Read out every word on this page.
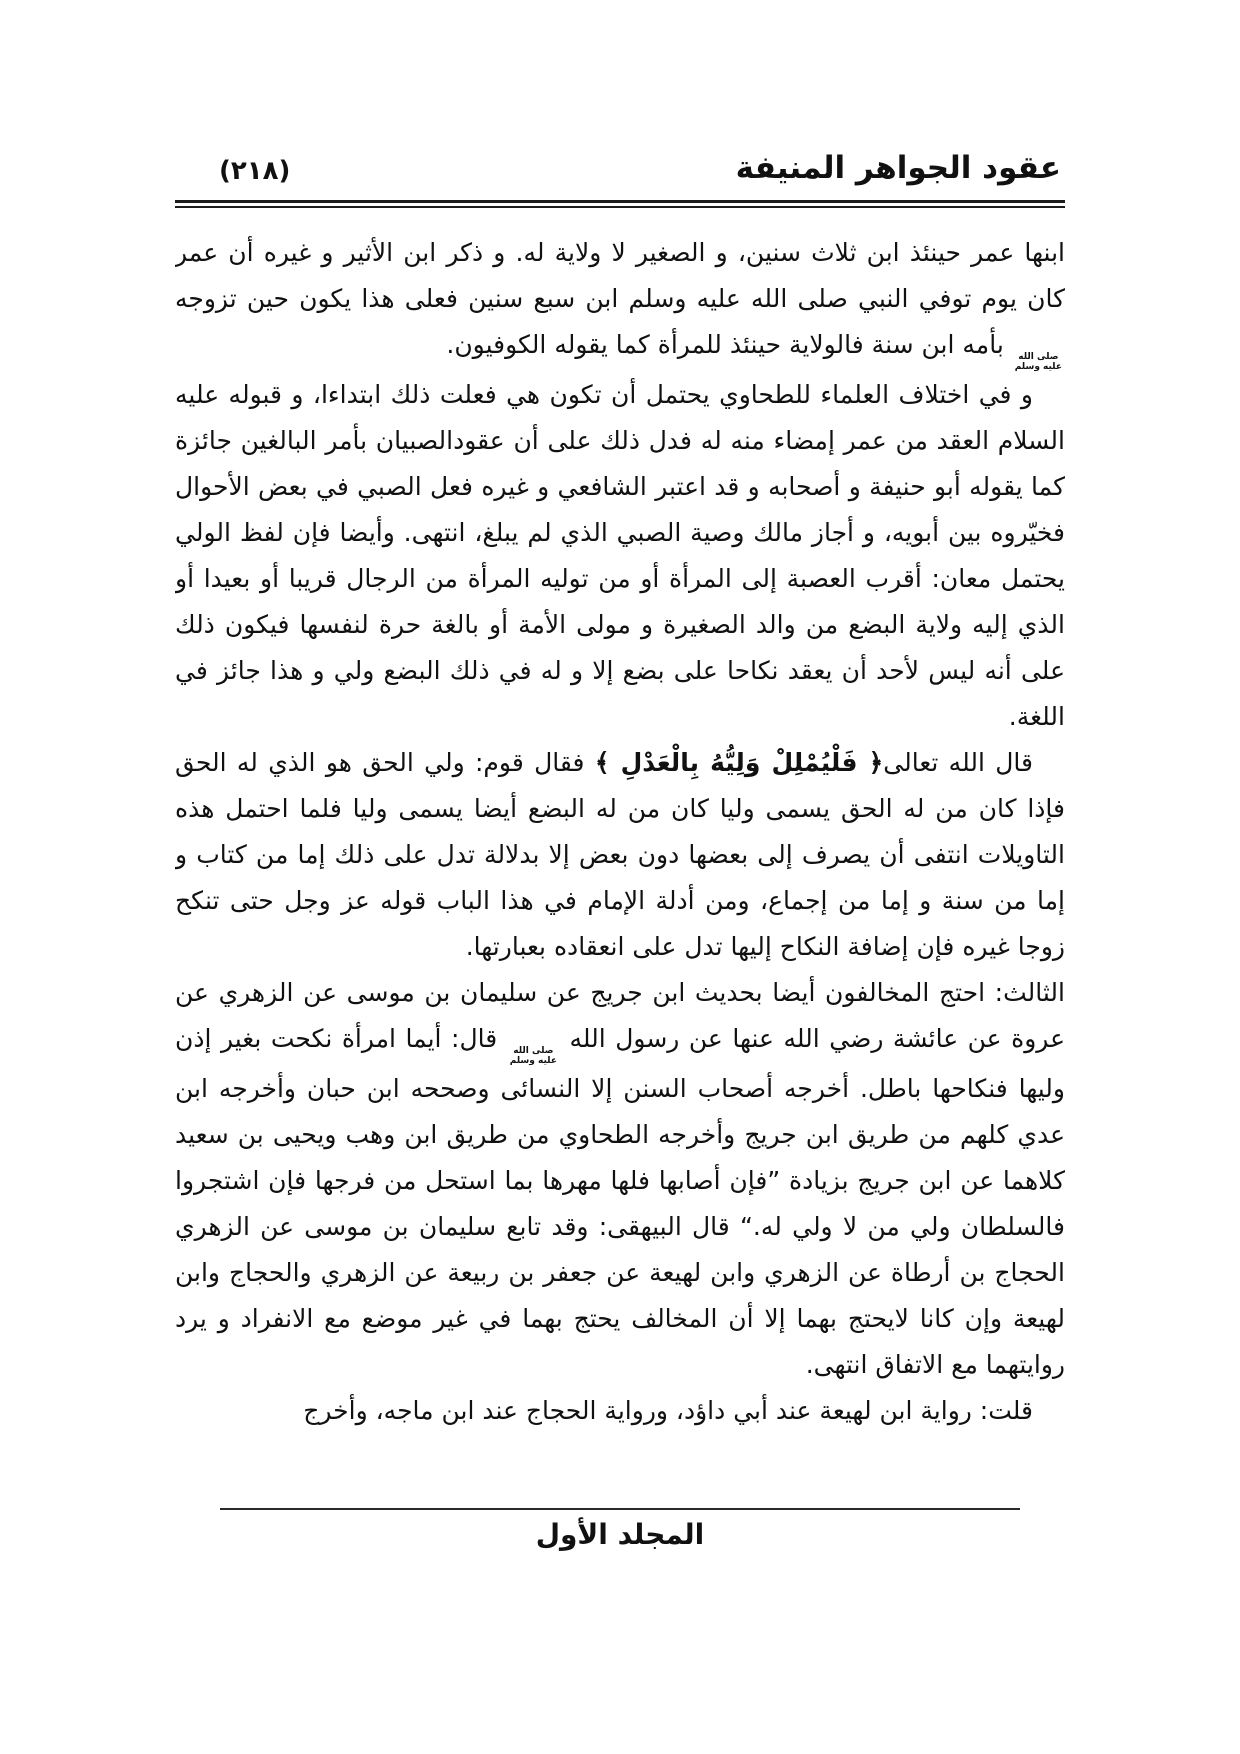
عقود الجواهر المنيفة
(٢١٨)

ابنها عمر حينئذ ابن ثلاث سنين، و الصغير لا ولاية له. و ذكر ابن الأثير و غيره أن عمر كان يوم توفي النبي صلى الله عليه وسلم ابن سبع سنين فعلى هذا يكون حين تزوجه
صلى الله
عليه وسلم
بأمه ابن سنة فالولاية حينئذ للمرأة كما يقوله الكوفيون.

و في اختلاف العلماء للطحاوي يحتمل أن تكون هي فعلت ذلك ابتداءا، و قبوله عليه السلام العقد من عمر إمضاء منه له فدل ذلك على أن عقودالصبيان بأمر البالغين جائزة كما يقوله أبو حنيفة و أصحابه و قد اعتبر الشافعي و غيره فعل الصبي في بعض الأحوال فخيّروه بين أبويه، و أجاز مالك وصية الصبي الذي لم يبلغ، انتهى. وأيضا فإن لفظ الولي يحتمل معان: أقرب العصبة إلى المرأة أو من توليه المرأة من الرجال قريبا أو بعيدا أو الذي إليه ولاية البضع من والد الصغيرة و مولى الأمة أو بالغة حرة لنفسها فيكون ذلك على أنه ليس لأحد أن يعقد نكاحا على بضع إلا و له في ذلك البضع ولي و هذا جائز في اللغة.

قال الله تعالى﴿ فَلْيُمْلِلْ وَلِيُّهُ بِالْعَدْلِ ﴾ فقال قوم: ولي الحق هو الذي له الحق فإذا كان من له الحق يسمى وليا كان من له البضع أيضا يسمى وليا فلما احتمل هذه التاويلات انتفى أن يصرف إلى بعضها دون بعض إلا بدلالة تدل على ذلك إما من كتاب و إما من سنة و إما من إجماع، ومن أدلة الإمام في هذا الباب قوله عز وجل حتى تنكح زوجا غيره فإن إضافة النكاح إليها تدل على انعقاده بعبارتها.

الثالث: احتج المخالفون أيضا بحديث ابن جريج عن سليمان بن موسى عن الزهري عن عروة عن عائشة رضي الله عنها عن رسول الله
صلى الله
عليه وسلم
قال: أيما امرأة نكحت بغير إذن وليها فنكاحها باطل. أخرجه أصحاب السنن إلا النسائى وصححه ابن حبان وأخرجه ابن عدي كلهم من طريق ابن جريج وأخرجه الطحاوي من طريق ابن وهب ويحيى بن سعيد كلاهما عن ابن جريج بزيادة ”فإن أصابها فلها مهرها بما استحل من فرجها فإن اشتجروا فالسلطان ولي من لا ولي له.“ قال البيهقى: وقد تابع سليمان بن موسى عن الزهري الحجاج بن أرطاة عن الزهري وابن لهيعة عن جعفر بن ربيعة عن الزهري والحجاج وابن لهيعة وإن كانا لايحتج بهما إلا أن المخالف يحتج بهما في غير موضع مع الانفراد و يرد روايتهما مع الاتفاق انتهى.

قلت: رواية ابن لهيعة عند أبي داؤد، ورواية الحجاج عند ابن ماجه، وأخرج

المجلد الأول
